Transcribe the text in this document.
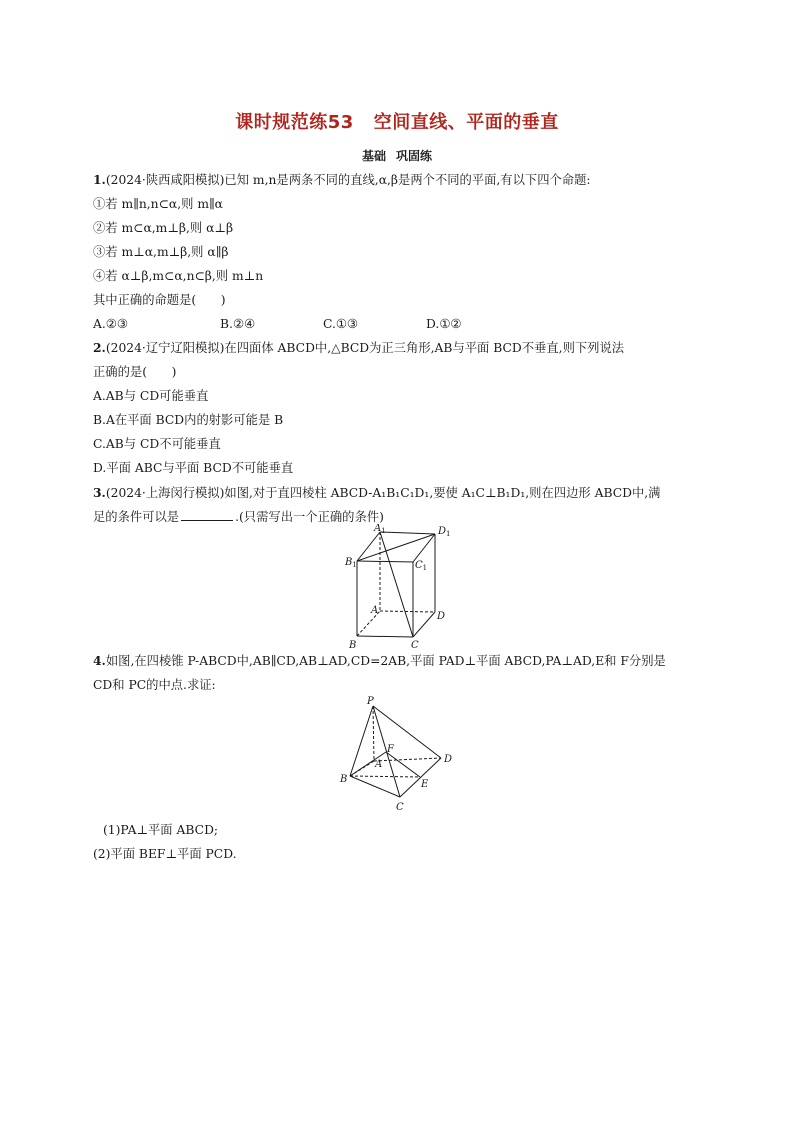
课时规范练53 空间直线、平面的垂直
基础 巩固练
1.(2024·陕西咸阳模拟)已知 m,n是两条不同的直线,α,β是两个不同的平面,有以下四个命题:
①若 m∥n,n⊂α,则 m∥α
②若 m⊂α,m⊥β,则 α⊥β
③若 m⊥α,m⊥β,则 α∥β
④若 α⊥β,m⊂α,n⊂β,则 m⊥n
其中正确的命题是(　　)
A.②③	B.②④	C.①③	D.①②
2.(2024·辽宁辽阳模拟)在四面体 ABCD中,△BCD为正三角形,AB与平面 BCD不垂直,则下列说法
正确的是(　　)
A.AB与 CD可能垂直
B.A在平面 BCD内的射影可能是 B
C.AB与 CD不可能垂直
D.平面 ABC与平面 BCD不可能垂直
3.(2024·上海闵行模拟)如图,对于直四棱柱 ABCD-A₁B₁C₁D₁,要使 A₁C⊥B₁D₁,则在四边形 ABCD中,满
足的条件可以是	.(只需写出一个正确的条件)
$A_1$	$D_1$
$B_1$	$C_1$
A
D
B	C
4.如图,在四棱锥 P-ABCD中,AB∥CD,AB⊥AD,CD=2AB,平面 PAD⊥平面 ABCD,PA⊥AD,E和 F分别是
CD和 PC的中点.求证:
P
F
A	D
B	E
C
(1)PA⊥平面 ABCD;
(2)平面 BEF⊥平面 PCD.
